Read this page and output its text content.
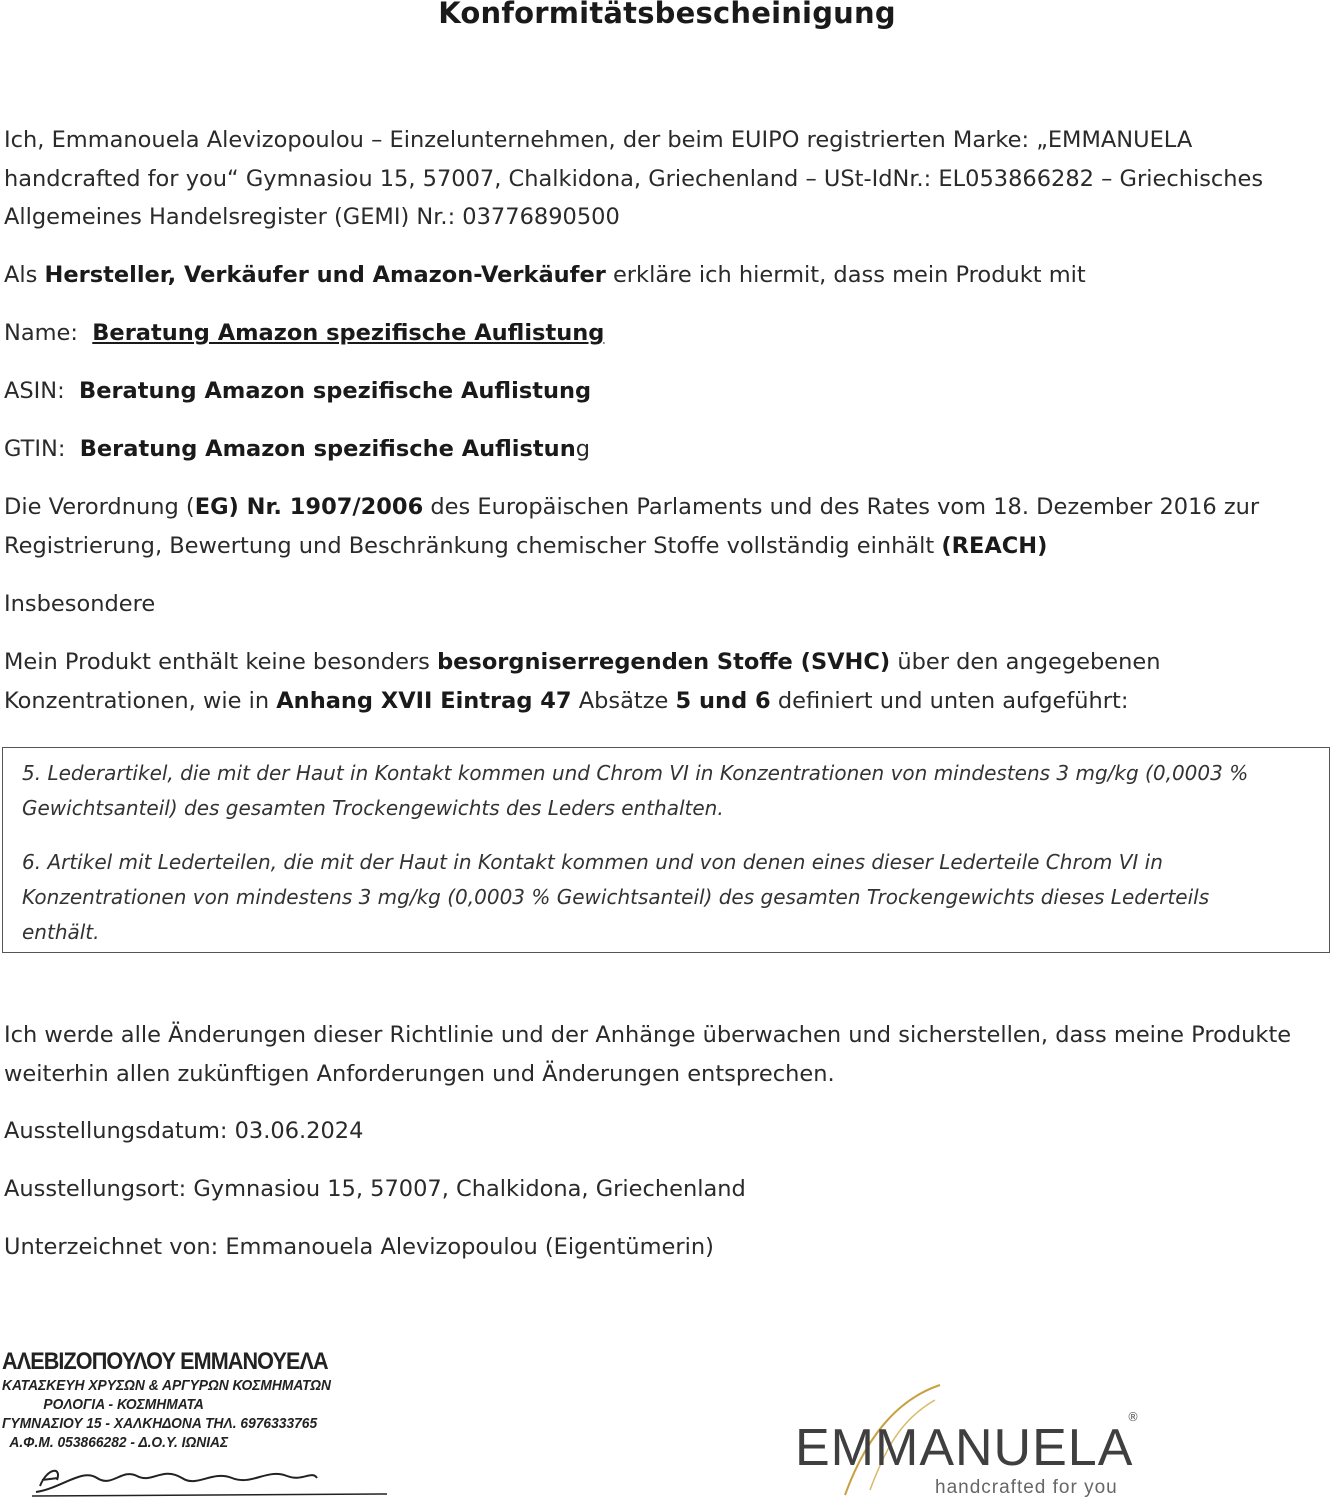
Konformitätsbescheinigung

Ich, Emmanouela Alevizopoulou – Einzelunternehmen, der beim EUIPO registrierten Marke: „EMMANUELA
handcrafted for you“ Gymnasiou 15, 57007, Chalkidona, Griechenland – USt-IdNr.: EL053866282 – Griechisches
Allgemeines Handelsregister (GEMI) Nr.: 03776890500

Als Hersteller, Verkäufer und Amazon-Verkäufer erkläre ich hiermit, dass mein Produkt mit

Name: Beratung Amazon spezifische Auflistung

ASIN: Beratung Amazon spezifische Auflistung

GTIN: Beratung Amazon spezifische Auflistung

Die Verordnung (EG) Nr. 1907/2006 des Europäischen Parlaments und des Rates vom 18. Dezember 2016 zur
Registrierung, Bewertung und Beschränkung chemischer Stoffe vollständig einhält (REACH)

Insbesondere

Mein Produkt enthält keine besonders besorgniserregenden Stoffe (SVHC) über den angegebenen
Konzentrationen, wie in Anhang XVII Eintrag 47 Absätze 5 und 6 definiert und unten aufgeführt:

5. Lederartikel, die mit der Haut in Kontakt kommen und Chrom VI in Konzentrationen von mindestens 3 mg/kg (0,0003 %
Gewichtsanteil) des gesamten Trockengewichts des Leders enthalten.

6. Artikel mit Lederteilen, die mit der Haut in Kontakt kommen und von denen eines dieser Lederteile Chrom VI in
Konzentrationen von mindestens 3 mg/kg (0,0003 % Gewichtsanteil) des gesamten Trockengewichts dieses Lederteils
enthält.

Ich werde alle Änderungen dieser Richtlinie und der Anhänge überwachen und sicherstellen, dass meine Produkte
weiterhin allen zukünftigen Anforderungen und Änderungen entsprechen.

Ausstellungsdatum: 03.06.2024

Ausstellungsort: Gymnasiou 15, 57007, Chalkidona, Griechenland

Unterzeichnet von: Emmanouela Alevizopoulou (Eigentümerin)

ΑΛΕΒΙΖΟΠΟΥΛΟΥ ΕΜΜΑΝΟΥΕΛΑ
ΚΑΤΑΣΚΕΥΗ ΧΡΥΣΩΝ & ΑΡΓΥΡΩΝ ΚΟΣΜΗΜΑΤΩΝ
ΡΟΛΟΓΙΑ - ΚΟΣΜΗΜΑΤΑ
ΓΥΜΝΑΣΙΟΥ 15 - ΧΑΛΚΗΔΟΝΑ ΤΗΛ. 6976333765
Α.Φ.Μ. 053866282 - Δ.Ο.Υ. ΙΩΝΙΑΣ	EMMANUELA
®
handcrafted for you
